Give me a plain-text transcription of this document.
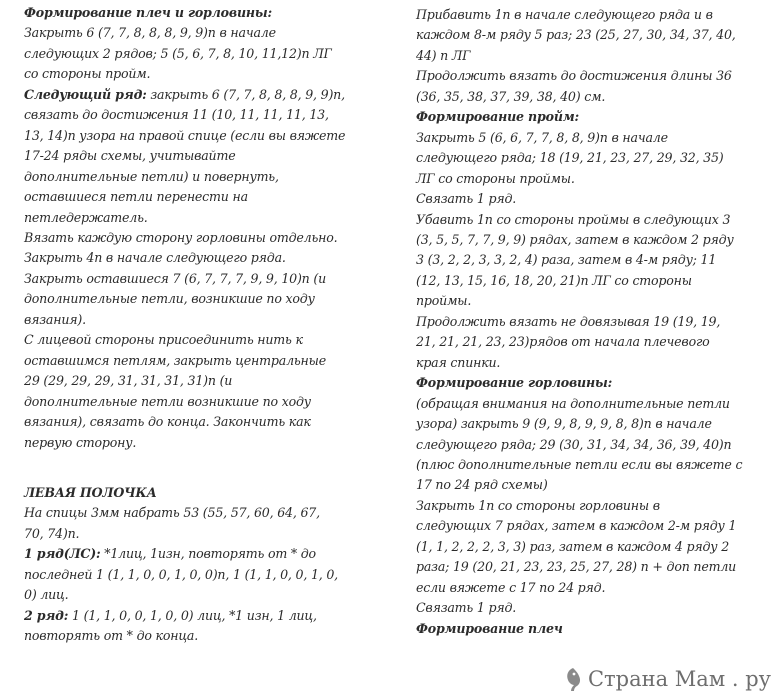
Формирование плеч и горловины:
Закрыть 6 (7, 7, 8, 8, 8, 9, 9)п в начале
следующих 2 рядов; 5 (5, 6, 7, 8, 10, 11,12)п ЛГ
со стороны пройм.
Следующий ряд: закрыть 6 (7, 7, 8, 8, 8, 9, 9)п,
связать до достижения 11 (10, 11, 11, 11, 13,
13, 14)п узора на правой спице (если вы вяжете
17-24 ряды схемы, учитывайте
дополнительные петли) и повернуть,
оставшиеся петли перенести на
петледержатель.
Вязать каждую сторону горловины отдельно.
Закрыть 4п в начале следующего ряда.
Закрыть оставшиеся 7 (6, 7, 7, 7, 9, 9, 10)п (и
дополнительные петли, возникшие по ходу
вязания).
С лицевой стороны присоединить нить к
оставшимся петлям, закрыть центральные
29 (29, 29, 29, 31, 31, 31, 31)п (и
дополнительные петли возникшие по ходу
вязания), связать до конца. Закончить как
первую сторону.
ЛЕВАЯ ПОЛОЧКА
На спицы 3мм набрать 53 (55, 57, 60, 64, 67,
70, 74)п.
1 ряд(ЛС): *1лиц, 1изн, повторять от * до
последней 1 (1, 1, 0, 0, 1, 0, 0)п, 1 (1, 1, 0, 0, 1, 0,
0) лиц.
2 ряд: 1 (1, 1, 0, 0, 1, 0, 0) лиц, *1 изн, 1 лиц,
повторять от * до конца.
Прибавить 1п в начале следующего ряда и в
каждом 8-м ряду 5 раз; 23 (25, 27, 30, 34, 37, 40,
44) п ЛГ
Продолжить вязать до достижения длины 36
(36, 35, 38, 37, 39, 38, 40) см.
Формирование пройм:
Закрыть 5 (6, 6, 7, 7, 8, 8, 9)п в начале
следующего ряда; 18 (19, 21, 23, 27, 29, 32, 35)
ЛГ со стороны проймы.
Связать 1 ряд.
Убавить 1п со стороны проймы в следующих 3
(3, 5, 5, 7, 7, 9, 9) рядах, затем в каждом 2 ряду
3 (3, 2, 2, 3, 3, 2, 4) раза, затем в 4-м ряду; 11
(12, 13, 15, 16, 18, 20, 21)п ЛГ со стороны
проймы.
Продолжить вязать не довязывая 19 (19, 19,
21, 21, 21, 23, 23)рядов от начала плечевого
края спинки.
Формирование горловины:
(обращая внимания на дополнительные петли
узора) закрыть 9 (9, 9, 8, 9, 9, 8, 8)п в начале
следующего ряда; 29 (30, 31, 34, 34, 36, 39, 40)п
(плюс дополнительные петли если вы вяжете с
17 по 24 ряд схемы)
Закрыть 1п со стороны горловины в
следующих 7 рядах, затем в каждом 2-м ряду 1
(1, 1, 2, 2, 2, 3, 3) раз, затем в каждом 4 ряду 2
раза; 19 (20, 21, 23, 23, 25, 27, 28) п + доп петли
если вяжете с 17 по 24 ряд.
Связать 1 ряд.
Формирование плеч
Страна Мам . ру
